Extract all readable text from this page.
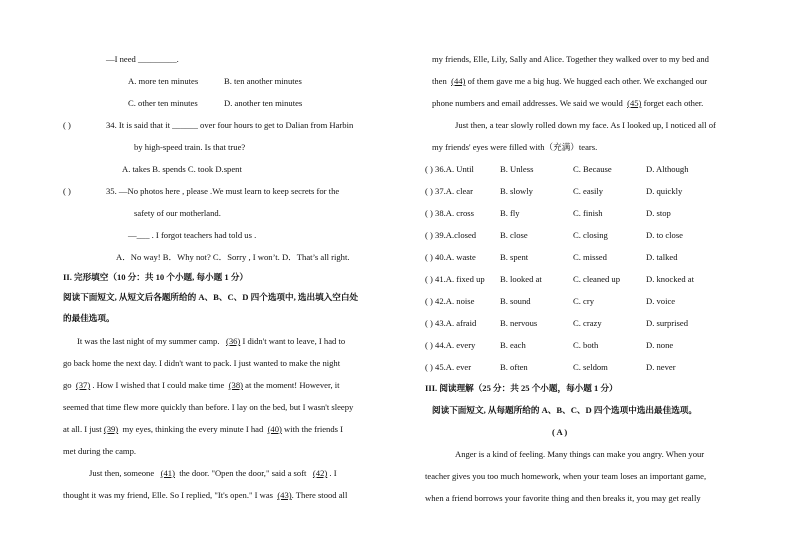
—I need _________.
A. more ten minutes	B. ten another minutes
C. other ten minutes	D. another ten minutes
( )	34. It is said that it ______ over four hours to get to Dalian from Harbin
by high-speed train. Is that true?
A. takes B. spends C. took D.spent
( )	35. —No photos here , please .We must learn to keep secrets for the
safety of our motherland.
—___ . I forgot teachers had told us .
A．No way! B．Why not? C．Sorry , I won’t. D．That’s all right.
II. 完形填空（10 分：共 10 个小题, 每小题 1 分）
阅读下面短文, 从短文后各题所给的 A、B、C、D 四个选项中, 选出填入空白处
的最佳选项。
It was the last night of my summer camp. (36) I didn't want to leave, I had to
go back home the next day. I didn't want to pack. I just wanted to make the night
go (37) . How I wished that I could make time (38) at the moment! However, it
seemed that time flew more quickly than before. I lay on the bed, but I wasn't sleepy
at all. I just (39) my eyes, thinking the every minute I had (40) with the friends I
met during the camp.
Just then, someone (41) the door. "Open the door," said a soft (42) . I
thought it was my friend, Elle. So I replied, "It's open." I was (43). There stood all
my friends, Elle, Lily, Sally and Alice. Together they walked over to my bed and
then (44) of them gave me a big hug. We hugged each other. We exchanged our
phone numbers and email addresses. We said we would (45) forget each other.
Just then, a tear slowly rolled down my face. As I looked up, I noticed all of
my friends' eyes were filled with（充满）tears.
( ) 36.A. Until	B. Unless	C. Because	D. Although
( ) 37.A. clear	B. slowly	C. easily	D. quickly
( ) 38.A. cross	B. fly	C. finish	D. stop
( ) 39.A.closed	B. close	C. closing	D. to close
( ) 40.A. waste	B. spent	C. missed	D. talked
( ) 41.A. fixed up B. looked at	C. cleaned up	D. knocked at
( ) 42.A. noise	B. sound	C. cry	D. voice
( ) 43.A. afraid	B. nervous	C. crazy	D. surprised
( ) 44.A. every	B. each	C. both	D. none
( ) 45.A. ever	B. often	C. seldom	D. never
III. 阅读理解（25 分：共 25 个小题，每小题 1 分）
阅读下面短文, 从每题所给的 A、B、C、D 四个选项中选出最佳选项。
( A )
Anger is a kind of feeling. Many things can make you angry. When your
teacher gives you too much homework, when your team loses an important game,
when a friend borrows your favorite thing and then breaks it, you may get really
